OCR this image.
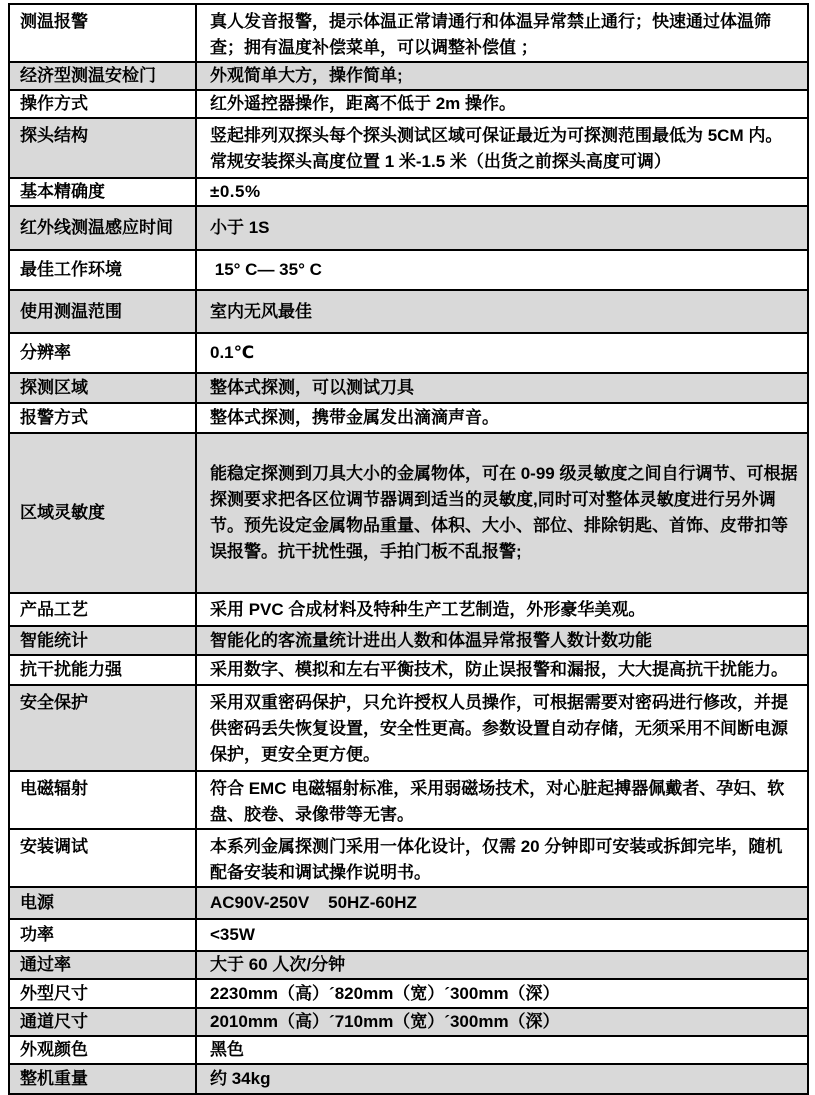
测温报警	真人发音报警，提示体温正常请通行和体温异常禁止通行；快速通过体温筛查；拥有温度补偿菜单，可以调整补偿值 ；
经济型测温安检门	外观简单大方，操作简单;
操作方式	红外遥控器操作，距离不低于 2m 操作。
探头结构	竖起排列双探头每个探头测试区域可保证最近为可探测范围最低为 5CM 内。常规安装探头高度位置 1 米-1.5 米（出货之前探头高度可调）
基本精确度	±0.5%
红外线测温感应时间	小于 1S
最佳工作环境	15° C— 35° C
使用测温范围	室内无风最佳
分辨率	0.1℃
探测区域	整体式探测，可以测试刀具
报警方式	整体式探测，携带金属发出滴滴声音。
区域灵敏度	能稳定探测到刀具大小的金属物体，可在 0-99 级灵敏度之间自行调节、可根据探测要求把各区位调节器调到适当的灵敏度,同时可对整体灵敏度进行另外调节。预先设定金属物品重量、体积、大小、部位、排除钥匙、首饰、皮带扣等误报警。抗干扰性强，手拍门板不乱报警;
产品工艺	采用 PVC 合成材料及特种生产工艺制造，外形豪华美观。
智能统计	智能化的客流量统计进出人数和体温异常报警人数计数功能
抗干扰能力强	采用数字、模拟和左右平衡技术，防止误报警和漏报，大大提高抗干扰能力。
安全保护	采用双重密码保护，只允许授权人员操作，可根据需要对密码进行修改，并提供密码丢失恢复设置，安全性更高。参数设置自动存储，无须采用不间断电源保护，更安全更方便。
电磁辐射	符合 EMC 电磁辐射标准，采用弱磁场技术，对心脏起搏器佩戴者、孕妇、软盘、胶卷、录像带等无害。
安装调试	本系列金属探测门采用一体化设计，仅需 20 分钟即可安装或拆卸完毕，随机配备安装和调试操作说明书。
电源	AC90V-250V    50HZ-60HZ
功率	<35W
通过率	大于 60 人次/分钟
外型尺寸	2230mm（高）´820mm（宽）´300mm（深）
通道尺寸	2010mm（高）´710mm（宽）´300mm（深）
外观颜色	黑色
整机重量	约 34kg
